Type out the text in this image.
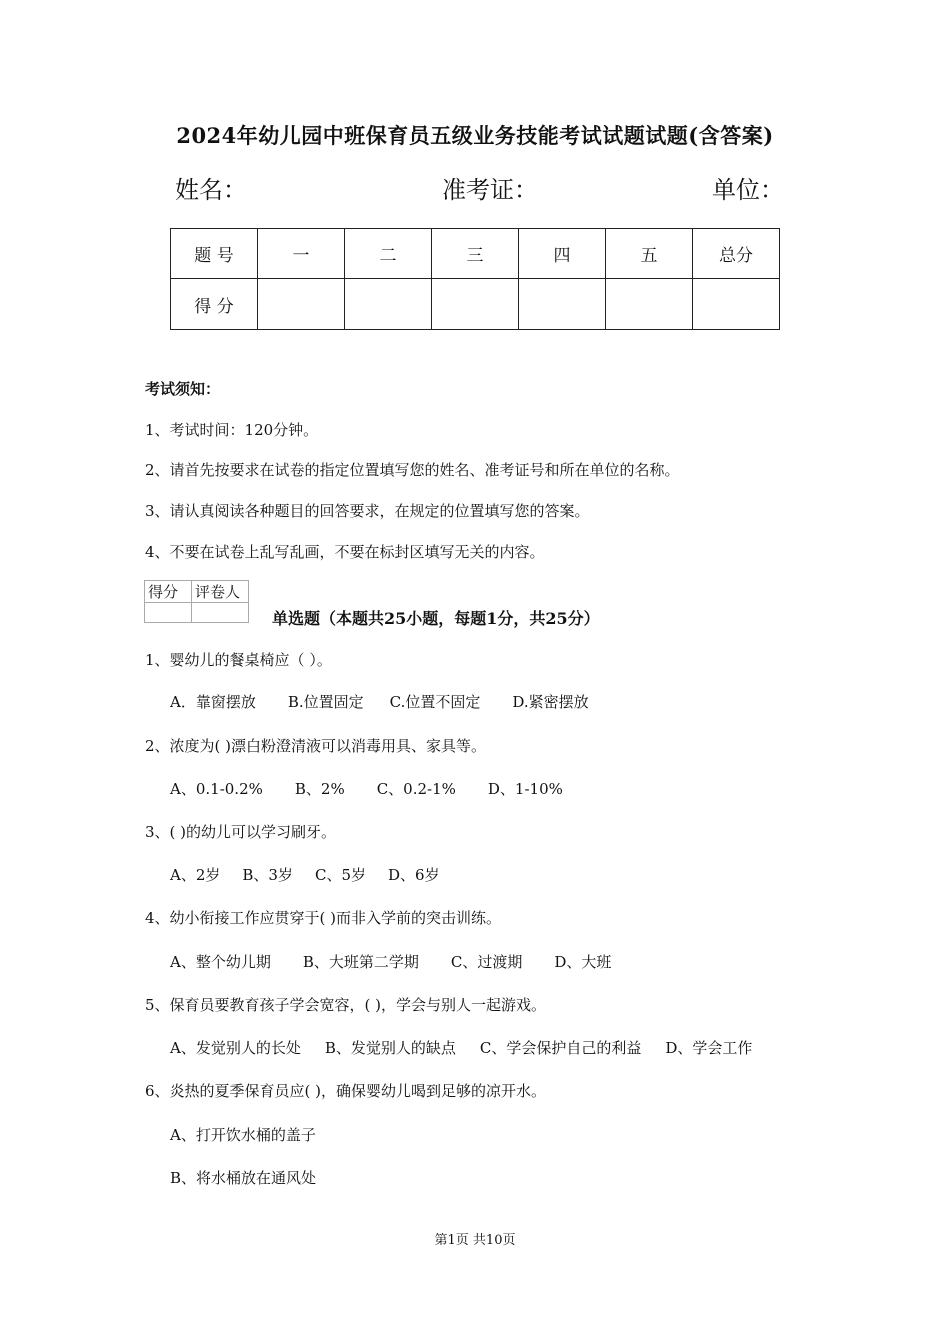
2024年幼儿园中班保育员五级业务技能考试试题试题(含答案)
姓名：	准考证：	单位：
题 号	一	二	三	四	五	总分
得 分						
考试须知：
1、考试时间：120分钟。
2、请首先按要求在试卷的指定位置填写您的姓名、准考证号和所在单位的名称。
3、请认真阅读各种题目的回答要求，在规定的位置填写您的答案。
4、不要在试卷上乱写乱画，不要在标封区填写无关的内容。
得分	评卷人

单选题（本题共25小题，每题1分，共25分）
1、婴幼儿的餐桌椅应（ ）。
A．靠窗摆放 B.位置固定 C.位置不固定 D.紧密摆放
2、浓度为( )漂白粉澄清液可以消毒用具、家具等。
A、0.1-0.2% B、2% C、0.2-1% D、1-10%
3、( )的幼儿可以学习刷牙。
A、2岁 B、3岁 C、5岁 D、6岁
4、幼小衔接工作应贯穿于( )而非入学前的突击训练。
A、整个幼儿期 B、大班第二学期 C、过渡期 D、大班
5、保育员要教育孩子学会宽容，( )，学会与别人一起游戏。
A、发觉别人的长处 B、发觉别人的缺点 C、学会保护自己的利益 D、学会工作
6、炎热的夏季保育员应( )，确保婴幼儿喝到足够的凉开水。
A、打开饮水桶的盖子
B、将水桶放在通风处
第1页 共10页
